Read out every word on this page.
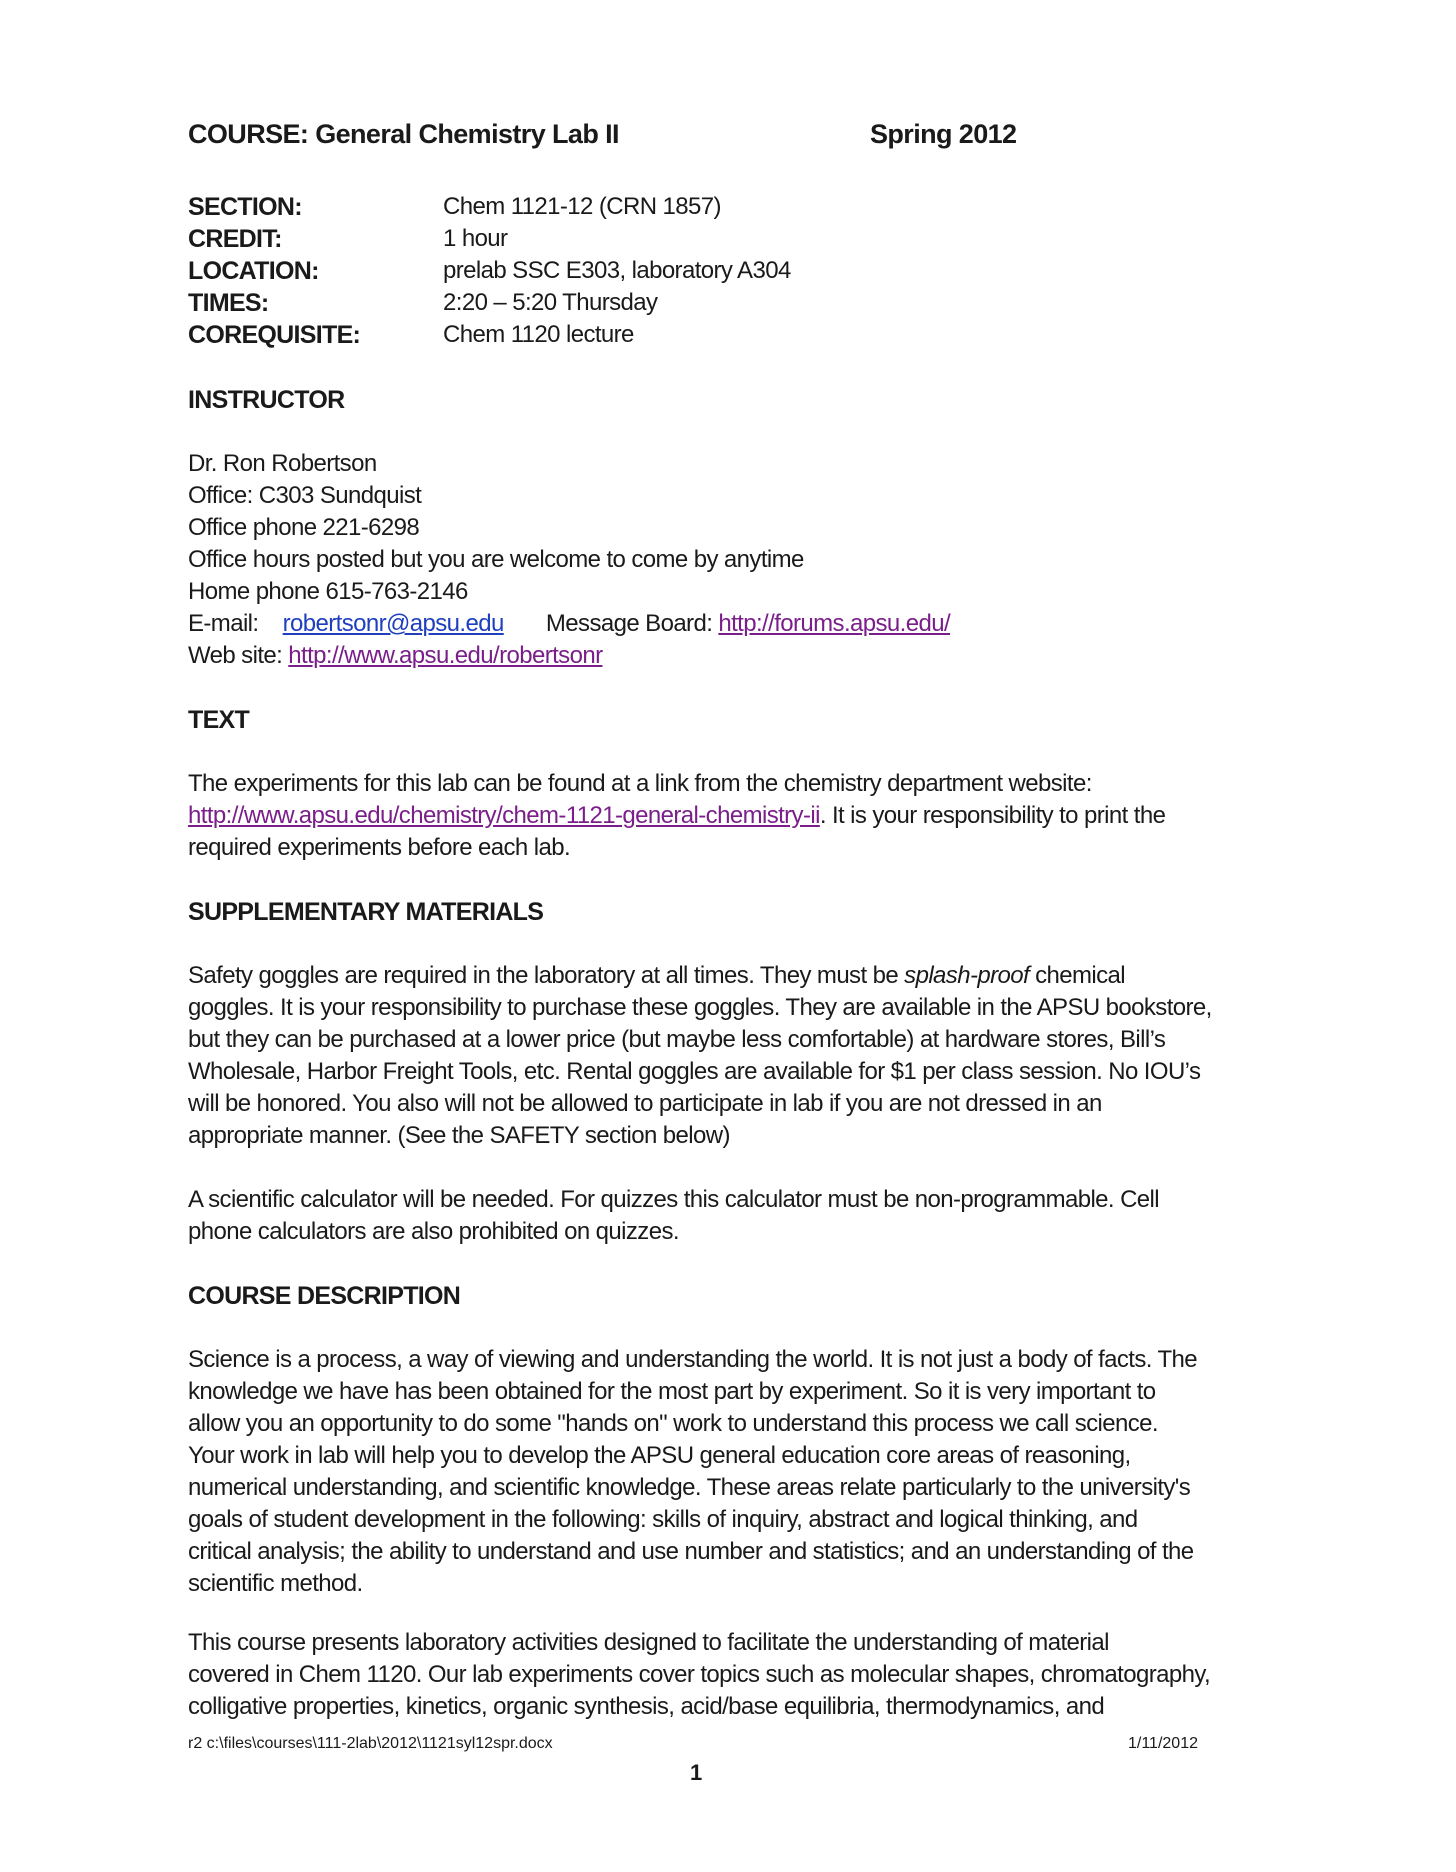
COURSE: General Chemistry Lab II	Spring 2012
SECTION:	Chem 1121-12 (CRN 1857)
CREDIT:	1 hour
LOCATION:	prelab SSC E303, laboratory A304
TIMES:	2:20 – 5:20 Thursday
COREQUISITE:	Chem 1120 lecture
INSTRUCTOR
Dr. Ron Robertson
Office: C303 Sundquist
Office phone 221-6298
Office hours posted but you are welcome to come by anytime
Home phone 615-763-2146
E-mail: robertsonr@apsu.edu Message Board: http://forums.apsu.edu/
Web site: http://www.apsu.edu/robertsonr
TEXT
The experiments for this lab can be found at a link from the chemistry department website:
http://www.apsu.edu/chemistry/chem-1121-general-chemistry-ii. It is your responsibility to print the
required experiments before each lab.
SUPPLEMENTARY MATERIALS
Safety goggles are required in the laboratory at all times. They must be splash-proof chemical
goggles. It is your responsibility to purchase these goggles. They are available in the APSU bookstore,
but they can be purchased at a lower price (but maybe less comfortable) at hardware stores, Bill’s
Wholesale, Harbor Freight Tools, etc. Rental goggles are available for $1 per class session. No IOU’s
will be honored. You also will not be allowed to participate in lab if you are not dressed in an
appropriate manner. (See the SAFETY section below)
A scientific calculator will be needed. For quizzes this calculator must be non-programmable. Cell
phone calculators are also prohibited on quizzes.
COURSE DESCRIPTION
Science is a process, a way of viewing and understanding the world. It is not just a body of facts. The
knowledge we have has been obtained for the most part by experiment. So it is very important to
allow you an opportunity to do some "hands on" work to understand this process we call science.
Your work in lab will help you to develop the APSU general education core areas of reasoning,
numerical understanding, and scientific knowledge. These areas relate particularly to the university's
goals of student development in the following: skills of inquiry, abstract and logical thinking, and
critical analysis; the ability to understand and use number and statistics; and an understanding of the
scientific method.
This course presents laboratory activities designed to facilitate the understanding of material
covered in Chem 1120. Our lab experiments cover topics such as molecular shapes, chromatography,
colligative properties, kinetics, organic synthesis, acid/base equilibria, thermodynamics, and
r2 c:\files\courses\111-2lab\2012\1121syl12spr.docx	1/11/2012
1
